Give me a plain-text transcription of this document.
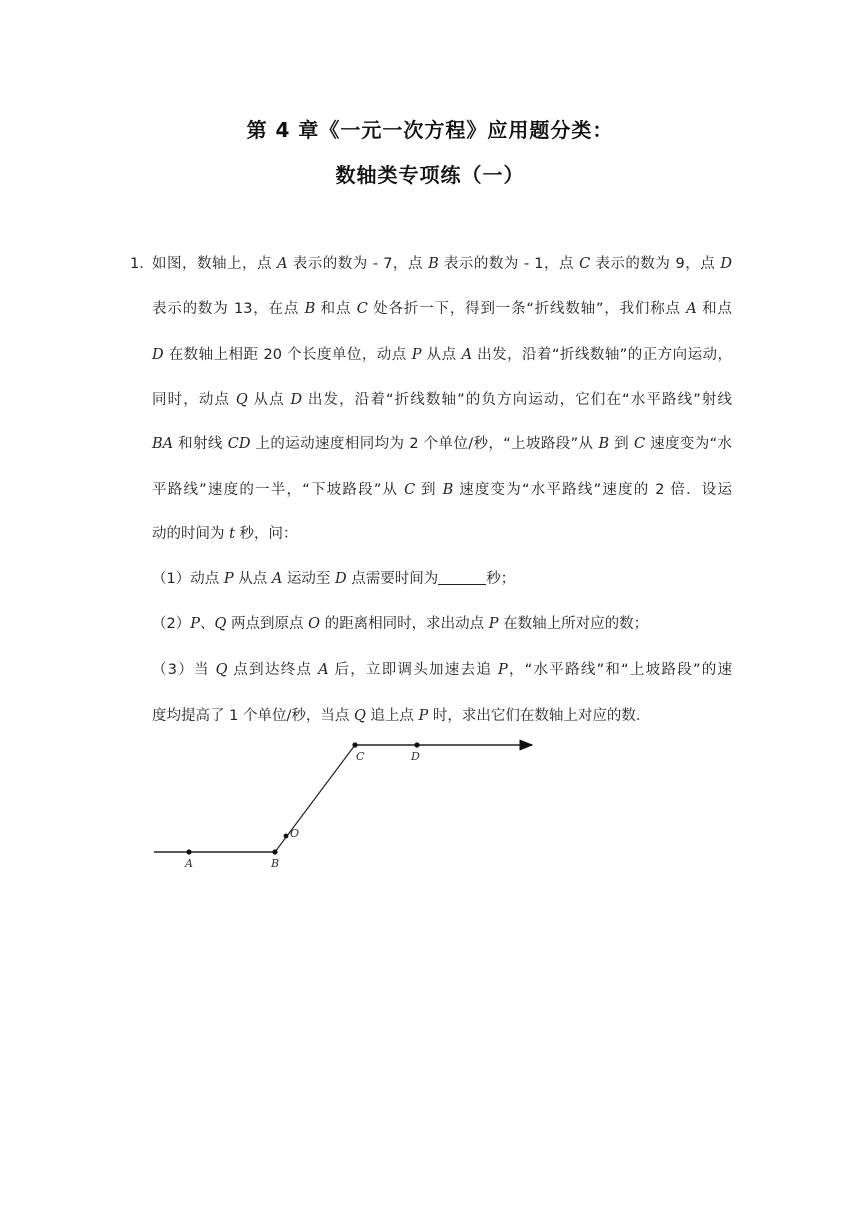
第 4 章《一元一次方程》应用题分类：
数轴类专项练（一）
1．
如图，数轴上，点 A 表示的数为 - 7，点 B 表示的数为 - 1，点 C 表示的数为 9，点 D
表示的数为 13，在点 B 和点 C 处各折一下，得到一条“折线数轴”，我们称点 A 和点
D 在数轴上相距 20 个长度单位，动点 P 从点 A 出发，沿着“折线数轴”的正方向运动，
同时，动点 Q 从点 D 出发，沿着“折线数轴”的负方向运动，它们在“水平路线”射线
BA 和射线 CD 上的运动速度相同均为 2 个单位/秒，“上坡路段”从 B 到 C 速度变为“水
平路线”速度的一半，“下坡路段”从 C 到 B 速度变为“水平路线”速度的 2 倍．设运
动的时间为 t 秒，问：
（1）动点 P 从点 A 运动至 D 点需要时间为	秒；
（2）P、Q 两点到原点 O 的距离相同时，求出动点 P 在数轴上所对应的数；
（3）当 Q 点到达终点 A 后，立即调头加速去追 P，“水平路线”和“上坡路段”的速
度均提高了 1 个单位/秒，当点 Q 追上点 P 时，求出它们在数轴上对应的数．
A	B
O
C	D
